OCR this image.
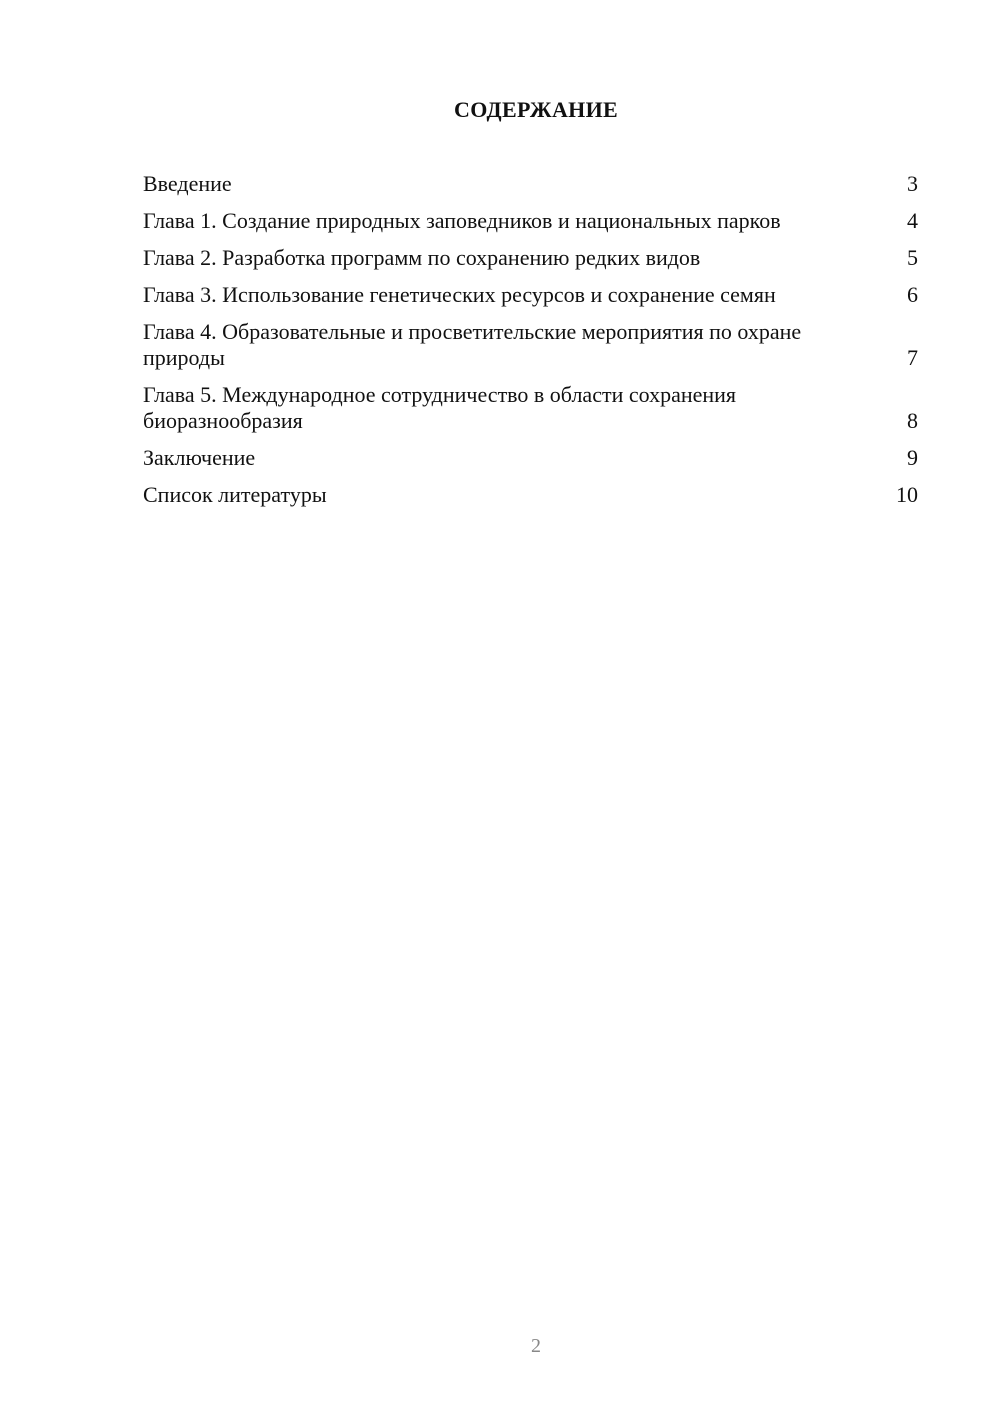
СОДЕРЖАНИЕ
Введение	3
Глава 1. Создание природных заповедников и национальных парков	4
Глава 2. Разработка программ по сохранению редких видов	5
Глава 3. Использование генетических ресурсов и сохранение семян	6
Глава 4. Образовательные и просветительские мероприятия по охране природы	7
Глава 5. Международное сотрудничество в области сохранения биоразнообразия	8
Заключение	9
Список литературы	10
2
